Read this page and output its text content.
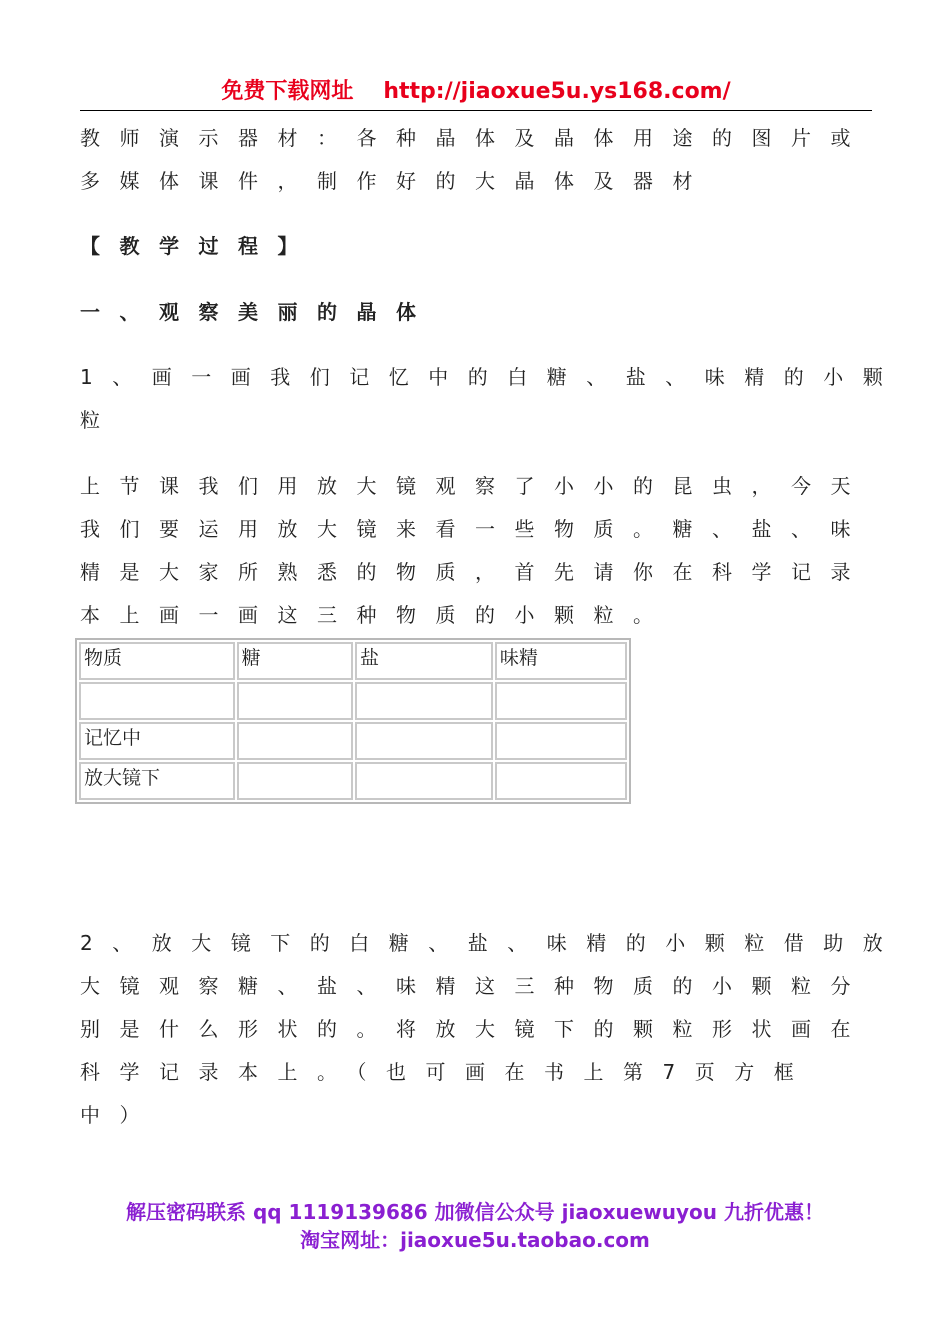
免费下载网址 http://jiaoxue5u.ys168.com/
教师演示器材：各种晶体及晶体用途的图片或
多媒体课件，制作好的大晶体及器材
【教学过程】
一、观察美丽的晶体
1、画一画我们记忆中的白糖、盐、味精的小颗
粒
上节课我们用放大镜观察了小小的昆虫，今天
我们要运用放大镜来看一些物质。糖、盐、味
精是大家所熟悉的物质，首先请你在科学记录
本上画一画这三种物质的小颗粒。
物质	糖	盐	味精

记忆中			
放大镜下			
2、放大镜下的白糖、盐、味精的小颗粒借助放
大镜观察糖、盐、味精这三种物质的小颗粒分
别是什么形状的。将放大镜下的颗粒形状画在
科学记录本上。（也可画在书上第7页方框
中）
解压密码联系 qq 1119139686 加微信公众号 jiaoxuewuyou 九折优惠！
淘宝网址：jiaoxue5u.taobao.com
